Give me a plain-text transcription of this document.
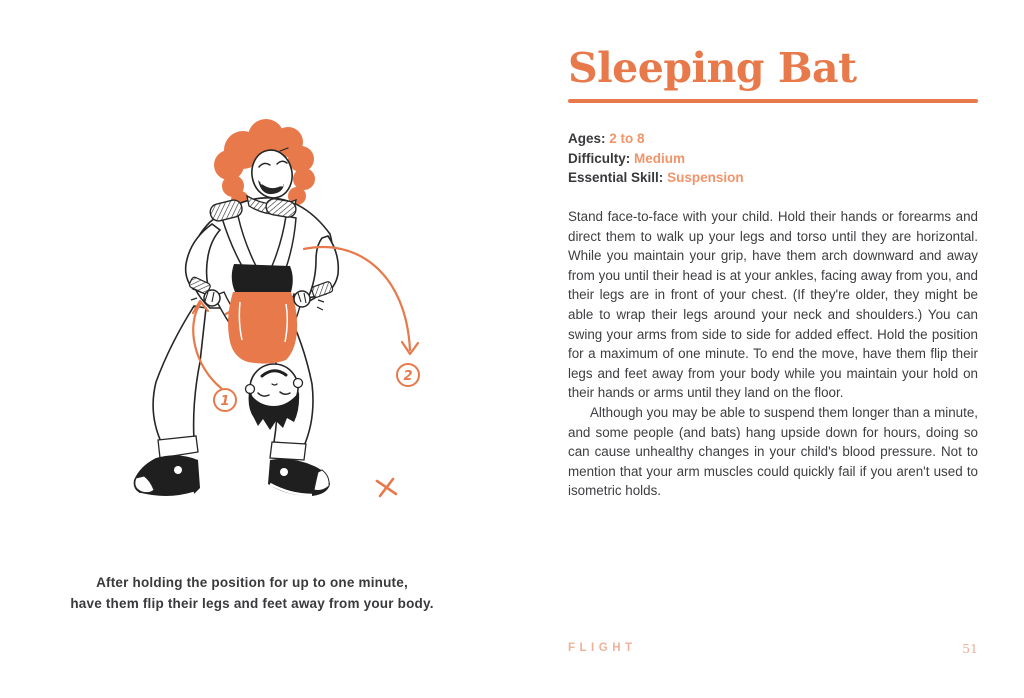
1
2
After holding the position for up to one minute,
have them flip their legs and feet away from your body.
Sleeping Bat
Ages: 2 to 8
Difficulty: Medium
Essential Skill: Suspension

Stand face-to-face with your child. Hold their hands or forearms and direct them to walk up your legs and torso until they are horizontal. While you maintain your grip, have them arch downward and away from you until their head is at your ankles, facing away from you, and their legs are in front of your chest. (If they're older, they might be able to wrap their legs around your neck and shoulders.) You can swing your arms from side to side for added effect. Hold the position for a maximum of one minute. To end the move, have them flip their legs and feet away from your body while you maintain your hold on their hands or arms until they land on the floor.

Although you may be able to suspend them longer than a minute, and some people (and bats) hang upside down for hours, doing so can cause unhealthy changes in your child's blood pressure. Not to mention that your arm muscles could quickly fail if you aren't used to isometric holds.

FLIGHT	51
